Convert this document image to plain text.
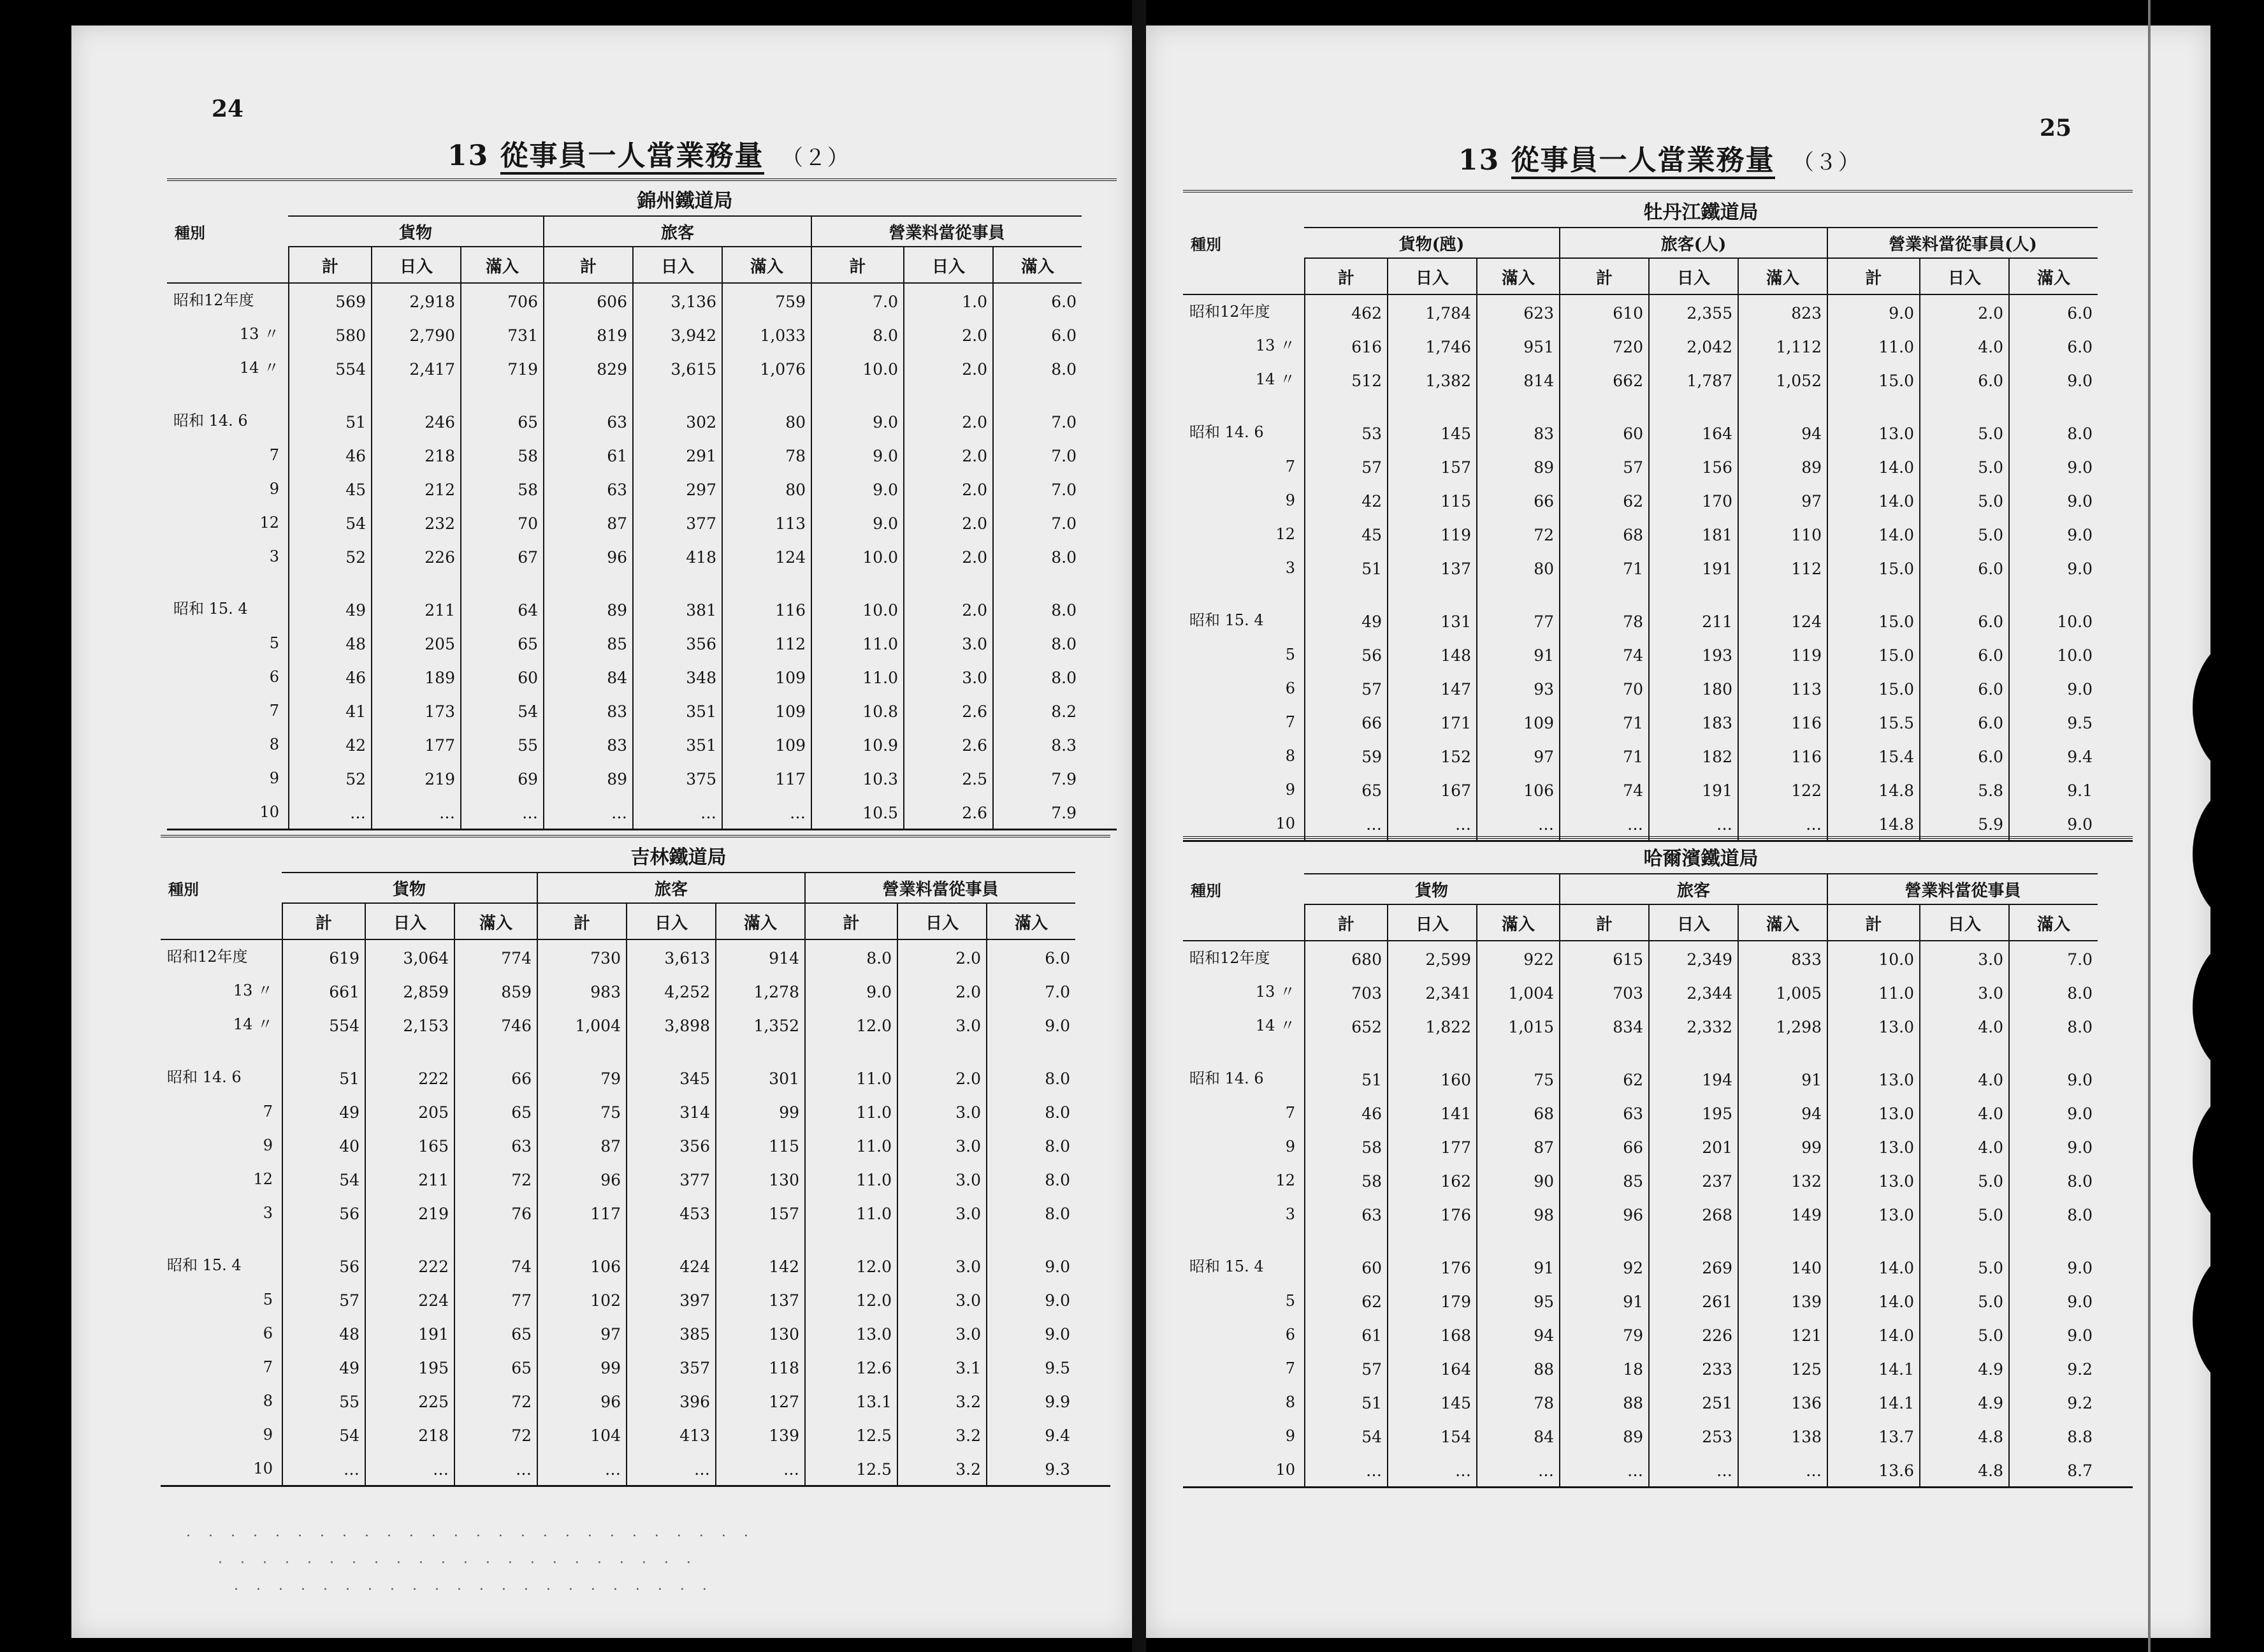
24
13 從事員一人當業務量 （２）
種別
錦州鐵道局
貨物
計	日入	滿入
旅客
計	日入	滿入
營業料當從事員
計	日入	滿入
昭和12年度	569	2,918	706	606	3,136	759	7.0	1.0	6.0
13 〃	580	2,790	731	819	3,942	1,033	8.0	2.0	6.0
14 〃	554	2,417	719	829	3,615	1,076	10.0	2.0	8.0
昭和 14. 6	51	246	65	63	302	80	9.0	2.0	7.0
7	46	218	58	61	291	78	9.0	2.0	7.0
9	45	212	58	63	297	80	9.0	2.0	7.0
12	54	232	70	87	377	113	9.0	2.0	7.0
3	52	226	67	96	418	124	10.0	2.0	8.0
昭和 15. 4	49	211	64	89	381	116	10.0	2.0	8.0
5	48	205	65	85	356	112	11.0	3.0	8.0
6	46	189	60	84	348	109	11.0	3.0	8.0
7	41	173	54	83	351	109	10.8	2.6	8.2
8	42	177	55	83	351	109	10.9	2.6	8.3
9	52	219	69	89	375	117	10.3	2.5	7.9
10	…	…	…	…	…	…	10.5	2.6	7.9
種別
吉林鐵道局
貨物
計	日入	滿入
旅客
計	日入	滿入
營業料當從事員
計	日入	滿入
昭和12年度	619	3,064	774	730	3,613	914	8.0	2.0	6.0
13 〃	661	2,859	859	983	4,252	1,278	9.0	2.0	7.0
14 〃	554	2,153	746	1,004	3,898	1,352	12.0	3.0	9.0
昭和 14. 6	51	222	66	79	345	301	11.0	2.0	8.0
7	49	205	65	75	314	99	11.0	3.0	8.0
9	40	165	63	87	356	115	11.0	3.0	8.0
12	54	211	72	96	377	130	11.0	3.0	8.0
3	56	219	76	117	453	157	11.0	3.0	8.0
昭和 15. 4	56	222	74	106	424	142	12.0	3.0	9.0
5	57	224	77	102	397	137	12.0	3.0	9.0
6	48	191	65	97	385	130	13.0	3.0	9.0
7	49	195	65	99	357	118	12.6	3.1	9.5
8	55	225	72	96	396	127	13.1	3.2	9.9
9	54	218	72	104	413	139	12.5	3.2	9.4
10	…	…	…	…	…	…	12.5	3.2	9.3
·　·　·　·　·　·　·　·　·　·　·　·　·　·　·　·　·　·　·　·　·　·　·　·　·　·
　　·　·　·　·　·　·　·　·　·　·　·　·　·　·　·　·　·　·　·　·　·　·
　　　·　·　·　·　·　·　·　·　·　·　·　·　·　·　·　·　·　·　·　·　·　·
25
13 從事員一人當業務量 （３）
種別
牡丹江鐵道局
貨物(瓲)
計	日入	滿入
旅客(人)
計	日入	滿入
營業料當從事員(人)
計	日入	滿入
昭和12年度	462	1,784	623	610	2,355	823	9.0	2.0	6.0
13 〃	616	1,746	951	720	2,042	1,112	11.0	4.0	6.0
14 〃	512	1,382	814	662	1,787	1,052	15.0	6.0	9.0
昭和 14. 6	53	145	83	60	164	94	13.0	5.0	8.0
7	57	157	89	57	156	89	14.0	5.0	9.0
9	42	115	66	62	170	97	14.0	5.0	9.0
12	45	119	72	68	181	110	14.0	5.0	9.0
3	51	137	80	71	191	112	15.0	6.0	9.0
昭和 15. 4	49	131	77	78	211	124	15.0	6.0	10.0
5	56	148	91	74	193	119	15.0	6.0	10.0
6	57	147	93	70	180	113	15.0	6.0	9.0
7	66	171	109	71	183	116	15.5	6.0	9.5
8	59	152	97	71	182	116	15.4	6.0	9.4
9	65	167	106	74	191	122	14.8	5.8	9.1
10	…	…	…	…	…	…	14.8	5.9	9.0
種別
哈爾濱鐵道局
貨物
計	日入	滿入
旅客
計	日入	滿入
營業料當從事員
計	日入	滿入
昭和12年度	680	2,599	922	615	2,349	833	10.0	3.0	7.0
13 〃	703	2,341	1,004	703	2,344	1,005	11.0	3.0	8.0
14 〃	652	1,822	1,015	834	2,332	1,298	13.0	4.0	8.0
昭和 14. 6	51	160	75	62	194	91	13.0	4.0	9.0
7	46	141	68	63	195	94	13.0	4.0	9.0
9	58	177	87	66	201	99	13.0	4.0	9.0
12	58	162	90	85	237	132	13.0	5.0	8.0
3	63	176	98	96	268	149	13.0	5.0	8.0
昭和 15. 4	60	176	91	92	269	140	14.0	5.0	9.0
5	62	179	95	91	261	139	14.0	5.0	9.0
6	61	168	94	79	226	121	14.0	5.0	9.0
7	57	164	88	18	233	125	14.1	4.9	9.2
8	51	145	78	88	251	136	14.1	4.9	9.2
9	54	154	84	89	253	138	13.7	4.8	8.8
10	…	…	…	…	…	…	13.6	4.8	8.7
